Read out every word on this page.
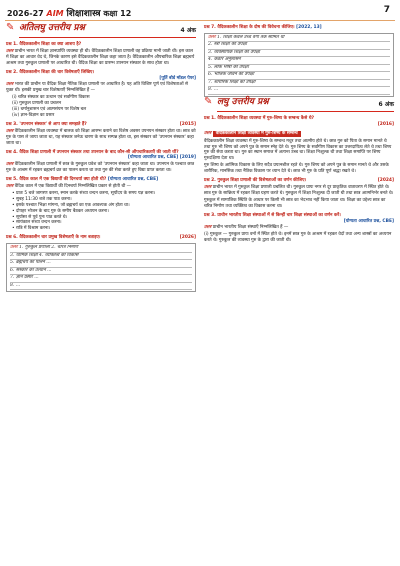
2026-27 AIM शिक्षाशास्त्र कक्षा 12	7
✎ अतिलघु उत्तरीय प्रश्न	4 अंक
प्रश्न 1. वैदिककालीन शिक्षा का क्या आशय है?
उत्तर प्राचीन भारत में शिक्षा ज्ञानप्राप्ति व्यवस्था ही थी। वैदिककालीन शिक्षा प्रणाली वह प्रक्रिया मानी जाती थी। इस काल में शिक्षा का आधार वेद थे, जिनके कारण इसे वैदिककालीन शिक्षा कहा जाता है। वैदिककालीन औपचारिक शिक्षा ब्रह्मचर्य आश्रम तथा गुरुकुल प्रणाली पर आधारित थी। वैदिक शिक्षा का प्रारम्भ उपनयन संस्कार के साथ होता था।
प्रश्न 2. वैदिककालीन शिक्षा की चार विशेषताएँ लिखिए।
[पूर्ति बोर्ड मॉडल पेपर]
उत्तर भारत की प्राचीन या वैदिक शिक्षा नैतिक शिक्षा प्रणाली पर आधारित है। यह अति विशिष्ट पूर्ण एवं विशेषताओं से युक्त थी। इसकी प्रमुख चार विशेषताएँ निम्नलिखित हैं —
(i) चरित्र संस्कार का उत्थान एवं सर्वांगीण विकास
(ii) गुरुकुल प्रणाली का प्रचलन
(iii) धर्मानुशासन एवं आत्मसंयम पर विशेष बल
(iv) ज्ञान-विज्ञान का प्रसार
[2015]
प्रश्न 3. 'उपनयन संस्कार' से आप क्या समझते हैं?
उत्तर वैदिककालीन शिक्षा व्यवस्था में बालक को शिक्षा आरम्भ कराने का विशेष अवसर उपनयन संस्कार होता था। छात्र को गुरु के पास ले जाया जाता था, यह संस्कार जनेऊ धारण के साथ सम्पन्न होता था, इस संस्कार को 'उपनयन संस्कार' कहा जाता था।
प्रश्न 4. वैदिक शिक्षा प्रणाली में उपनयन संस्कार तथा उपनयन के बाद कौन-सी औपचारिकताएँ की जाती थीं?
[योग्यता आधारित प्रश्न, CBE] [2019]
उत्तर वैदिककालीन शिक्षा प्रणाली में छात्र के गुरुकुल प्रवेश को 'उपनयन संस्कार' कहा जाता था। उपनयन के पश्चात छात्र गुरु के आश्रम में रहकर ब्रह्मचर्य व्रत का पालन करता था तथा गुरु की सेवा करते हुए विद्या प्राप्त करता था।
प्रश्न 5. वैदिक काल में एक विद्यार्थी की दिनचर्या क्या होती थी? [योग्यता आधारित प्रश्न, CBE]
उत्तर वैदिक काल में एक विद्यार्थी की दिनचर्या निम्नलिखित प्रकार से होती थी —
• प्रातः 5 बजे जागरण करना, स्नान करके संध्या वन्दन करना, सूर्योदय के समय यज्ञ करना।
• सुबह 11:30 बजे तक पाठ करना।
• इसके पश्चात भिक्षा मांगना, जो ब्रह्मचर्य का एक आवश्यक अंग होता था।
• दोपहर भोजन के बाद गुरु के समीप बैठकर अध्ययन करना।
• सूर्यास्त से पूर्व पुनः पाठ करते थे।
• सायंकाल संध्या वन्दन करना।
• रात्रि में विश्राम करना।
[2026]
प्रश्न 6. वैदिककालीन चार प्रमुख विशेषताएँ के नाम बताइए।
उत्तर 1. गुरुकुल प्रणाली 2. चरित्र निर्माण
3. धार्मिक शिक्षा 4. व्यक्तित्व का विकास
5. ब्रह्मचर्य का पालन ...
6. संस्कार का उत्थान ...
7. ज्ञान प्रसार ...
8. ...
प्रश्न 7. वैदिककालीन शिक्षा के दोष की विवेचना कीजिए। [2022, 13]
उत्तर 1. शिक्षा केवल उच्च वर्गों तक सीमित थी
2. स्त्री शिक्षा की उपेक्षा
3. व्यवसायिक शिक्षा की उपेक्षा
4. कठोर अनुशासन
5. लोक भाषा की उपेक्षा
6. भौतिक जीवन की उपेक्षा
7. शारीरिक शिक्षा की उपेक्षा
8. ...
✎ लघु उत्तरीय प्रश्न	6 अंक
प्रश्न 1. वैदिककालीन शिक्षा व्यवस्था में गुरु-शिष्य के सम्बन्ध कैसे थे?
[2016]
उत्तर वैदिककालीन शिक्षा व्यवस्था में गुरु-शिष्य के सम्बन्ध
वैदिककालीन शिक्षा व्यवस्था में गुरु-शिष्य के सम्बन्ध मधुर तथा आत्मीय होते थे। छात्र गुरु को पिता के समान मानते थे तथा गुरु भी शिष्य को अपने पुत्र के समान स्नेह देते थे। गुरु शिष्य के सर्वांगीण विकास का उत्तरदायित्व लेते थे तथा शिष्य गुरु की सेवा करता था। गुरु का स्थान समाज में अत्यन्त उच्च था। शिक्षा निःशुल्क थी तथा शिक्षा समाप्ति पर शिष्य गुरुदक्षिणा देता था।
गुरु शिष्य के आत्मिक विकास के लिए सदैव प्रयत्नशील रहते थे। गुरु शिष्य को अपने पुत्र के समान मानते थे और उसके शारीरिक, मानसिक तथा नैतिक विकास पर ध्यान देते थे। छात्र भी गुरु के प्रति पूर्ण श्रद्धा रखते थे।
[2024]
प्रश्न 2. गुरुकुल शिक्षा प्रणाली की विशेषताओं का वर्णन कीजिए।
उत्तर प्राचीन भारत में गुरुकुल शिक्षा प्रणाली प्रचलित थी। गुरुकुल प्रायः नगर से दूर प्राकृतिक वातावरण में स्थित होते थे। छात्र गुरु के सान्निध्य में रहकर शिक्षा ग्रहण करते थे। गुरुकुल में शिक्षा निःशुल्क दी जाती थी तथा छात्र आत्मनिर्भर बनते थे।
गुरुकुल में सामाजिक स्थिति के आधार पर किसी भी छात्र का भेदभाव नहीं किया जाता था। शिक्षा का उद्देश्य छात्र का चरित्र निर्माण तथा व्यक्तित्व का विकास करना था।
प्रश्न 3. प्राचीन भारतीय शिक्षा संस्थाओं में से किन्हीं चार शिक्षा संस्थाओं का वर्णन करें।
[योग्यता आधारित प्रश्न, CBE]
उत्तर प्राचीन भारतीय शिक्षा संस्थाएँ निम्नलिखित हैं —
(i) गुरुकुल — गुरुकुल प्रायः वनों में स्थित होते थे। इनमें छात्र गुरु के आश्रम में रहकर वेदों तथा अन्य शास्त्रों का अध्ययन करते थे। गुरुकुल की व्यवस्था गुरु के द्वारा की जाती थी।
